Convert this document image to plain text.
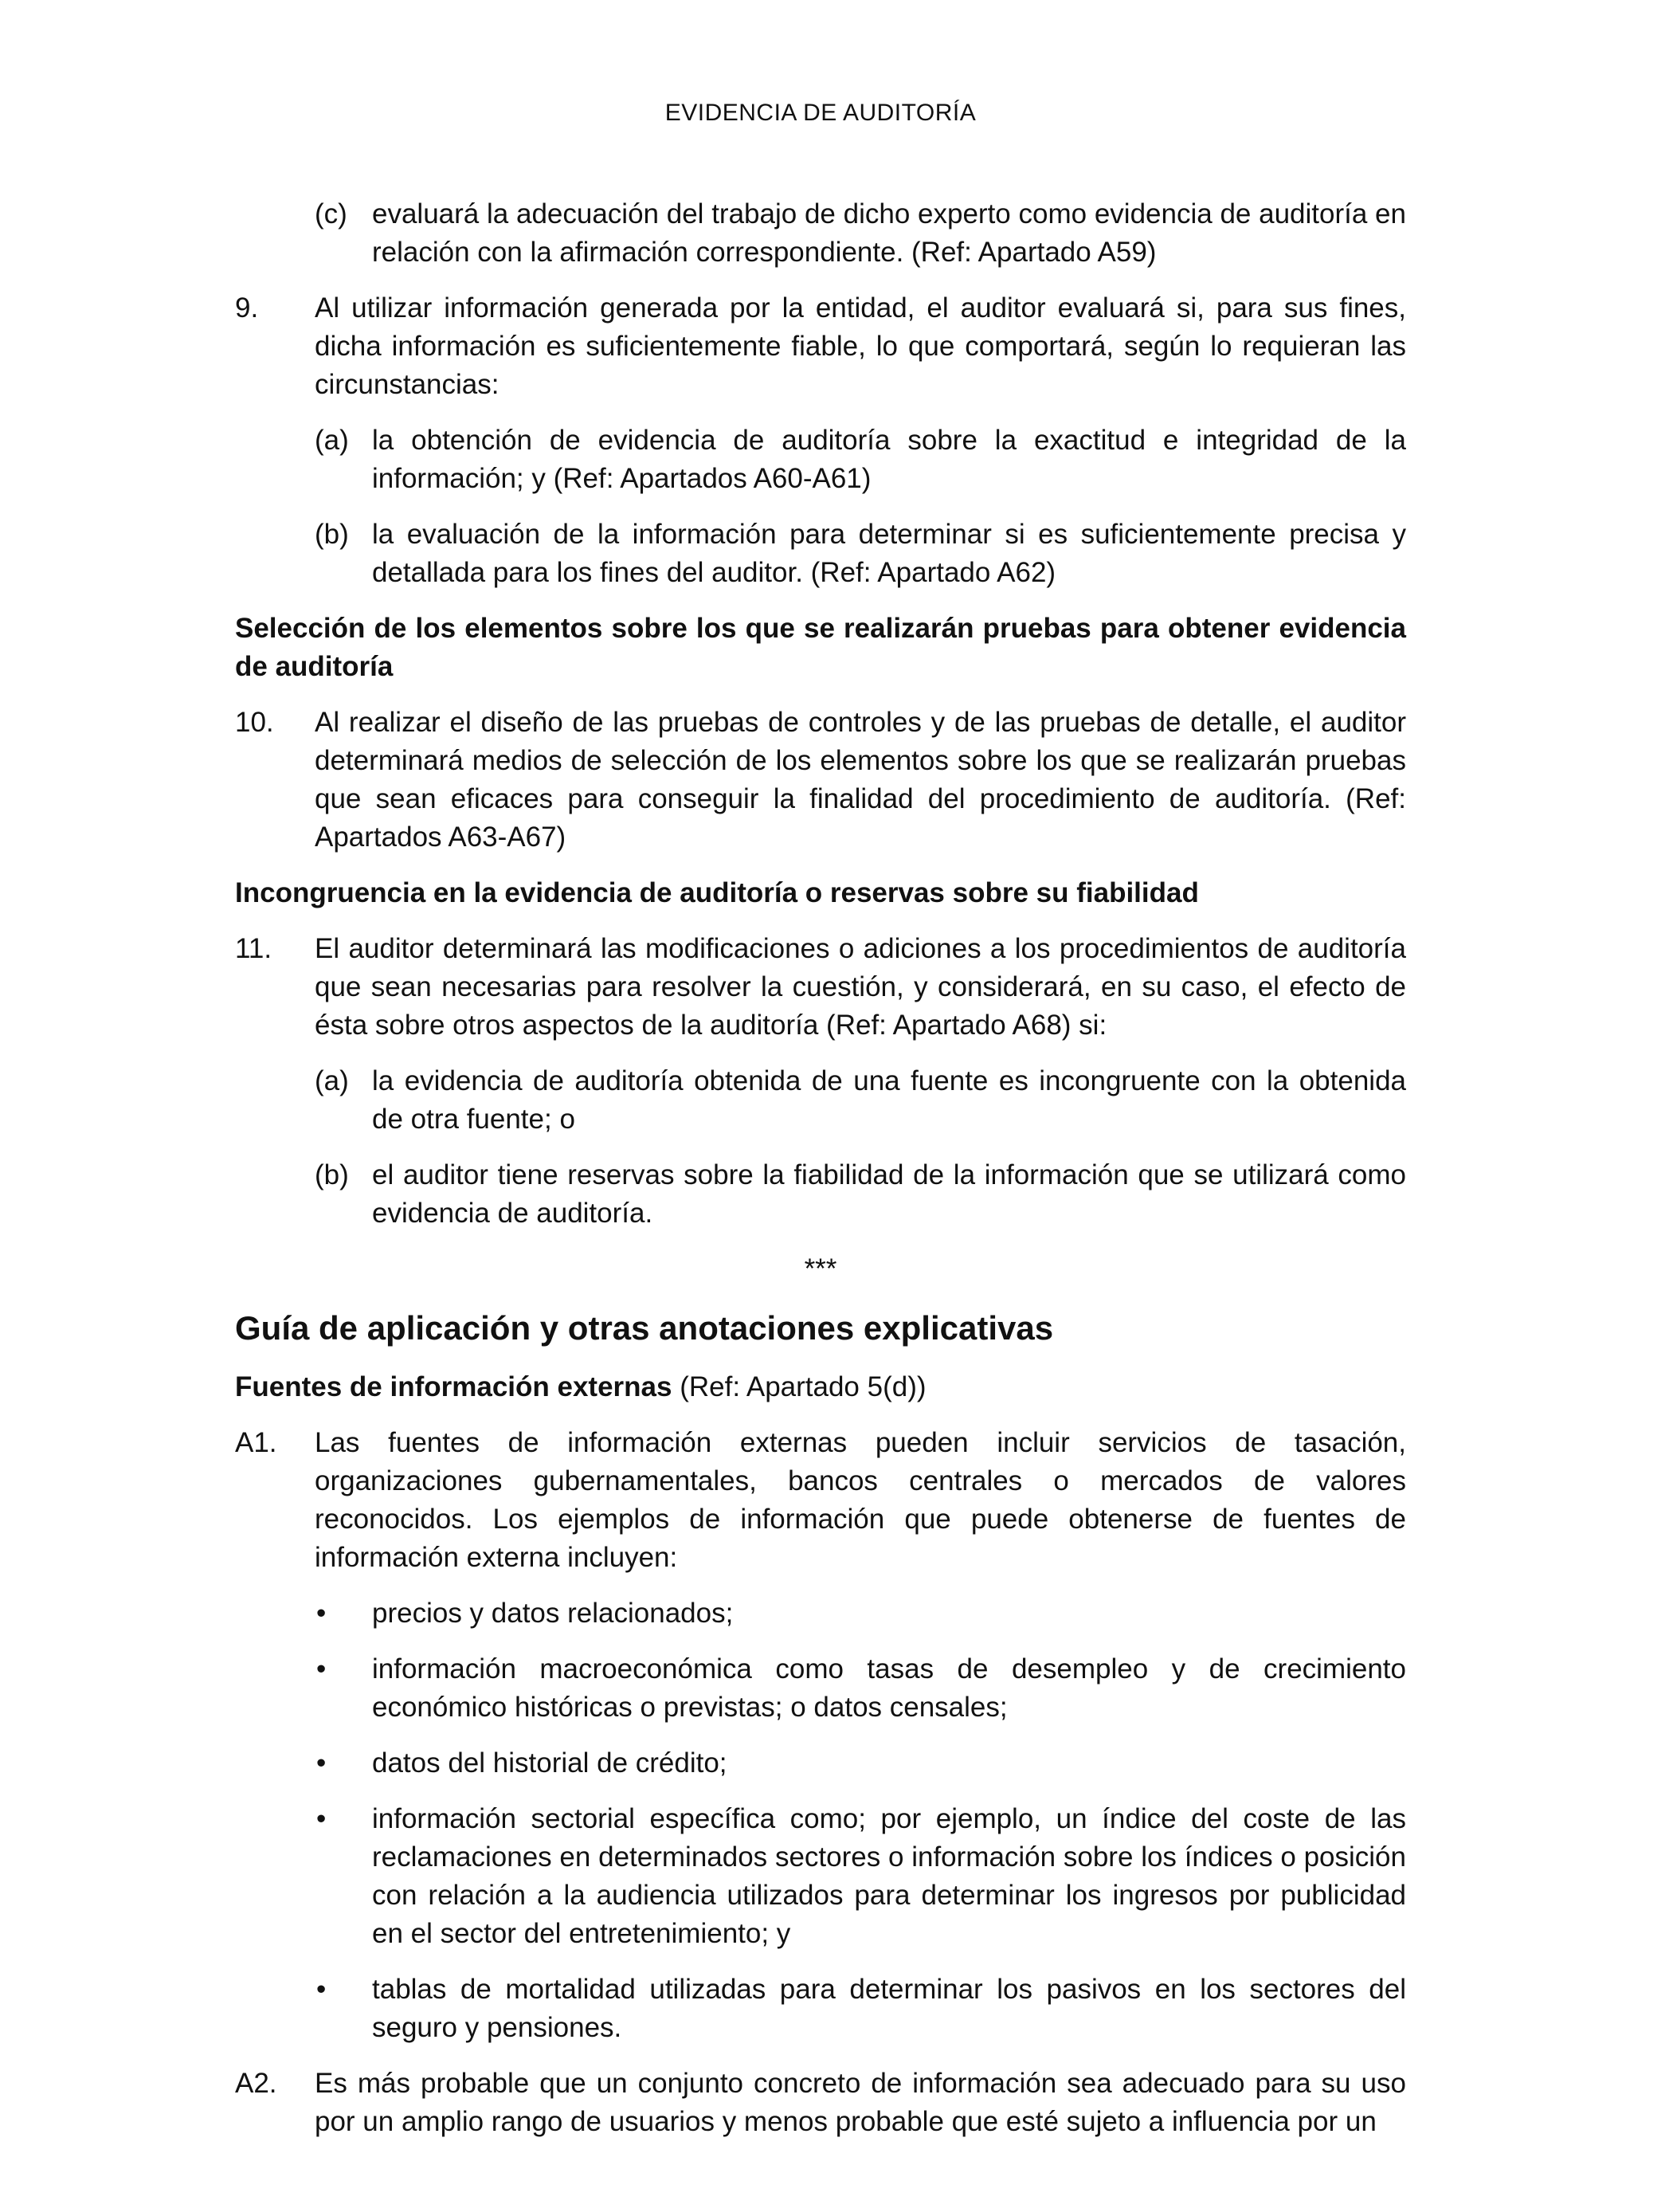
EVIDENCIA DE AUDITORÍA
(c) evaluará la adecuación del trabajo de dicho experto como evidencia de auditoría en relación con la afirmación correspondiente. (Ref: Apartado A59)
9. Al utilizar información generada por la entidad, el auditor evaluará si, para sus fines, dicha información es suficientemente fiable, lo que comportará, según lo requieran las circunstancias:
(a) la obtención de evidencia de auditoría sobre la exactitud e integridad de la información; y (Ref: Apartados A60-A61)
(b) la evaluación de la información para determinar si es suficientemente precisa y detallada para los fines del auditor. (Ref: Apartado A62)
Selección de los elementos sobre los que se realizarán pruebas para obtener evidencia de auditoría
10. Al realizar el diseño de las pruebas de controles y de las pruebas de detalle, el auditor determinará medios de selección de los elementos sobre los que se realizarán pruebas que sean eficaces para conseguir la finalidad del procedimiento de auditoría. (Ref: Apartados A63-A67)
Incongruencia en la evidencia de auditoría o reservas sobre su fiabilidad
11. El auditor determinará las modificaciones o adiciones a los procedimientos de auditoría que sean necesarias para resolver la cuestión, y considerará, en su caso, el efecto de ésta sobre otros aspectos de la auditoría (Ref: Apartado A68) si:
(a) la evidencia de auditoría obtenida de una fuente es incongruente con la obtenida de otra fuente; o
(b) el auditor tiene reservas sobre la fiabilidad de la información que se utilizará como evidencia de auditoría.
***
Guía de aplicación y otras anotaciones explicativas
Fuentes de información externas (Ref: Apartado 5(d))
A1. Las fuentes de información externas pueden incluir servicios de tasación, organizaciones gubernamentales, bancos centrales o mercados de valores reconocidos. Los ejemplos de información que puede obtenerse de fuentes de información externa incluyen:
• precios y datos relacionados;
• información macroeconómica como tasas de desempleo y de crecimiento económico históricas o previstas; o datos censales;
• datos del historial de crédito;
• información sectorial específica como; por ejemplo, un índice del coste de las reclamaciones en determinados sectores o información sobre los índices o posición con relación a la audiencia utilizados para determinar los ingresos por publicidad en el sector del entretenimiento; y
• tablas de mortalidad utilizadas para determinar los pasivos en los sectores del seguro y pensiones.
A2. Es más probable que un conjunto concreto de información sea adecuado para su uso por un amplio rango de usuarios y menos probable que esté sujeto a influencia por un
